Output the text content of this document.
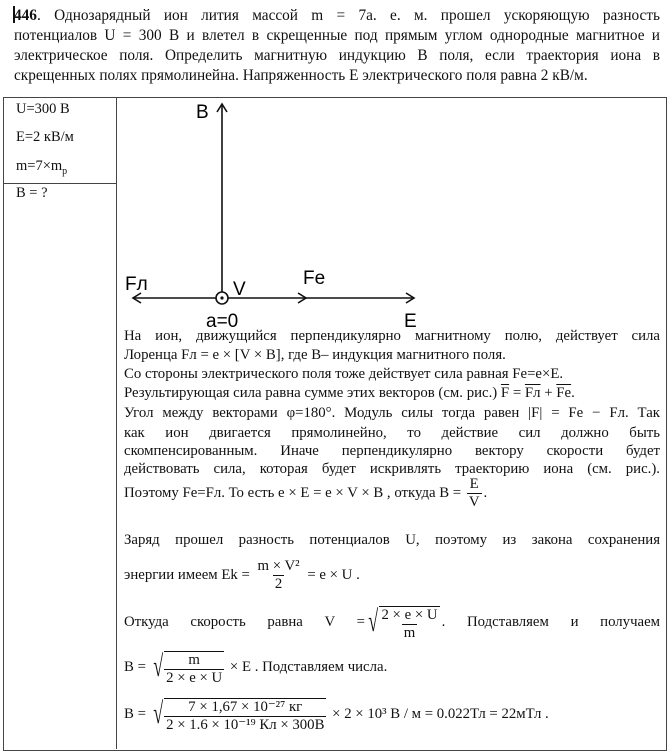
446. Однозарядный ион лития массой m = 7а. е. м. прошел ускоряющую разность
потенциалов U = 300 В и влетел в скрещенные под прямым углом однородные магнитное и
электрическое поля. Определить магнитную индукцию В поля, если траектория иона в
скрещенных полях прямолинейна. Напряженность Е электрического поля равна 2 кВ/м.
U=300 В
E=2 кВ/м
$m=7\times m_p$
B = ?
B
Fл	V
Fe
a=0	E
На ион, движущийся перпендикулярно магнитному полю, действует сила
Лоренца Fл = e × [V × B], где В– индукция магнитного поля.
Со стороны электрического поля тоже действует сила равная Fe=e×E.
Результирующая сила равна сумме этих векторов (см. рис.) $\overline{F}$ = Fл + $\overline{Fe}$.
Угол между векторами φ=180°. Модуль силы тогда равен |F| = Fe − Fл. Так
как ион двигается прямолинейно, то действие сил должно быть
скомпенсированным. Иначе перпендикулярно вектору скорости будет
действовать сила, которая будет искривлять траекторию иона (см. рис.).
Поэтому Fe=Fл. То есть e × E = e × V × B , откуда $B = \frac{E}{V}$ .
Заряд прошел разность потенциалов U, поэтому из закона сохранения
энергии имеем $Ek = \frac{\text{m × V²}}{2} = e \times U$ .
Откуда скорость равна V = √ $\frac{2 \times e \times U}{m}$ . Подставляем и получаем
B = √ $\frac{m}{2 \times e \times U} \times E$ . Подставляем числа.
B = √ $\frac{\text{7 × 1,67 × 10⁻²⁷ кг}}{\text{2 × 1.6 × 10⁻¹⁹ Кл × 300В}} \times 2 \times 10^3$ В / м = 0.022Тл = 22мТл .
